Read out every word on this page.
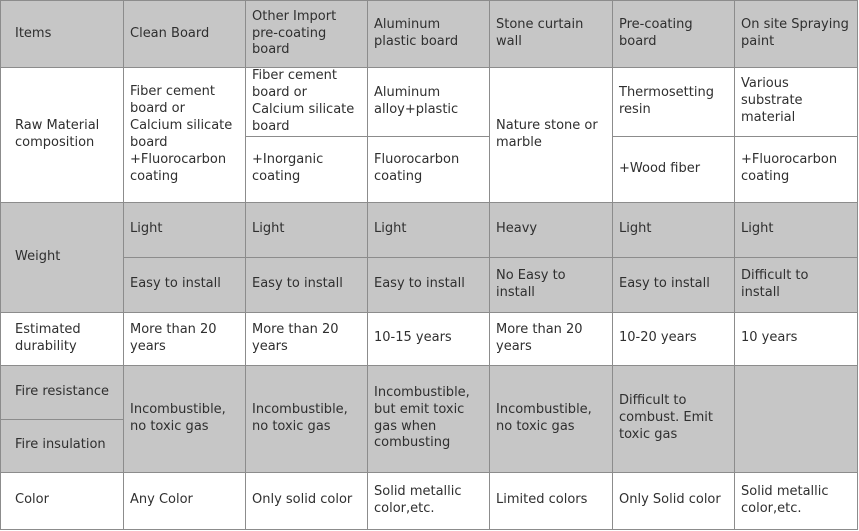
Items	Clean Board	Other Import pre-coating board	Aluminum plastic board	Stone curtain wall	Pre-coating board	On site Spraying paint
Raw Material composition	Fiber cement board or Calcium silicate board +Fluorocarbon coating	Fiber cement board or Calcium silicate board	Aluminum alloy+plastic	Nature stone or marble	Thermosetting resin	Various substrate material
		+Inorganic coating	Fluorocarbon coating		+Wood fiber	+Fluorocarbon coating
Weight	Light	Light	Light	Heavy	Light	Light
	Easy to install	Easy to install	Easy to install	No Easy to install	Easy to install	Difficult to install
Estimated durability	More than 20 years	More than 20 years	10-15 years	More than 20 years	10-20 years	10 years
Fire resistance	Incombustible, no toxic gas	Incombustible, no toxic gas	Incombustible, but emit toxic gas when combusting	Incombustible, no toxic gas	Difficult to combust. Emit toxic gas	
Fire insulation						
Color	Any Color	Only solid color	Solid metallic color,etc.	Limited colors	Only Solid color	Solid metallic color,etc.
